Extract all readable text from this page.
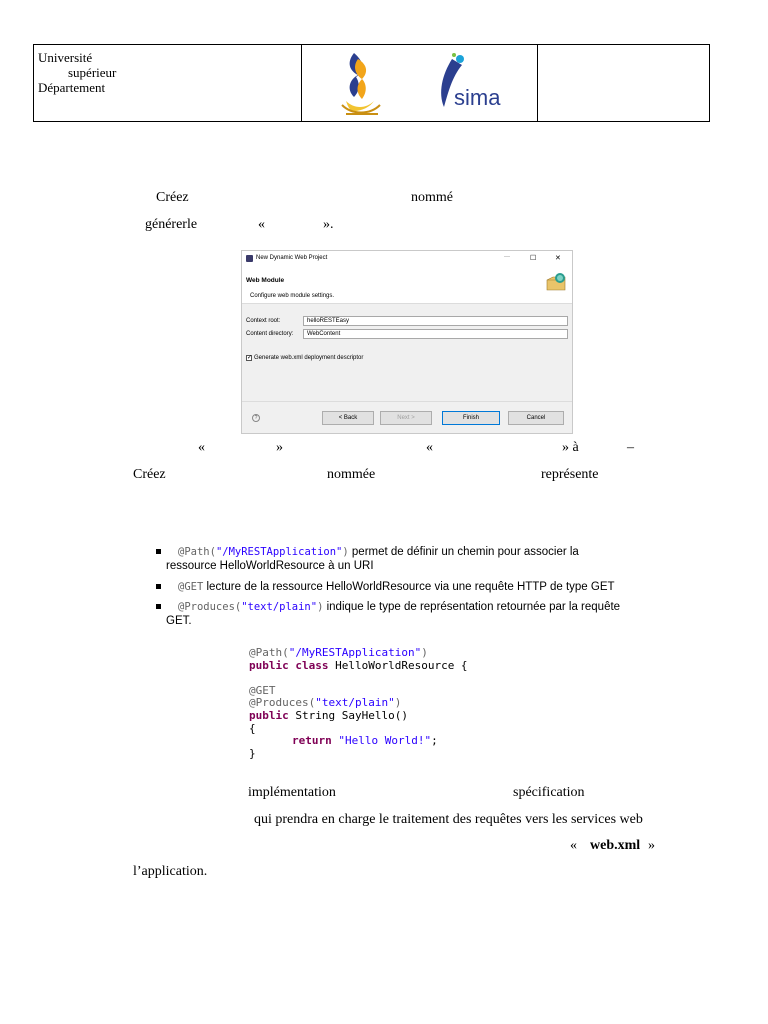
Université
supérieur
Département	sima
Créez	nommé
générerle	«	».
New Dynamic Web Project	—	☐	✕
Web Module
Configure web module settings.
Context root:	helloRESTEasy
Content directory:	WebContent
✓ Generate web.xml deployment descriptor
?	< Back	Next >	Finish	Cancel
«	»	«	» à	–
Créez	nommée	représente
@Path("/MyRESTApplication") permet de définir un chemin pour associer la
ressource HelloWorldResource à un URI
@GET lecture de la ressource HelloWorldResource via une requête HTTP de type GET
@Produces("text/plain") indique le type de représentation retournée par la requête
GET.
@Path("/MyRESTApplication")
public class HelloWorldResource {
@GET
@Produces("text/plain")
public String SayHello()
{
return "Hello World!";
}
implémentation	spécification
qui prendra en charge le traitement des requêtes vers les services web
« web.xml »
l’application.
